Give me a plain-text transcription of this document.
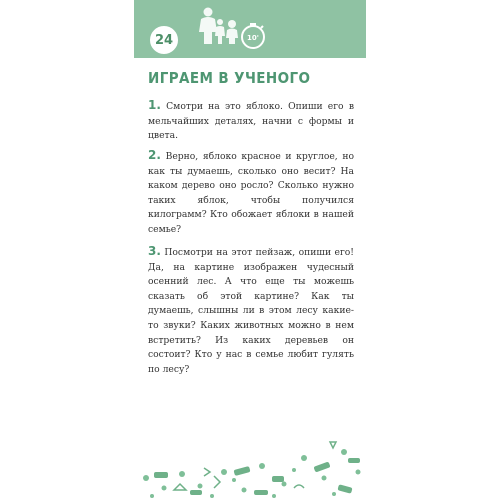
24	10'
ИГРАЕМ В УЧЕНОГО

1. Смотри на это яблоко. Опиши его в мельчайших деталях, начни с формы и цвета.

2. Верно, яблоко красное и круглое, но как ты думаешь, сколько оно весит? На каком дерево оно росло? Сколько нужно таких яблок, чтобы получился килограмм? Кто обожает яблоки в нашей семье?

3. Посмотри на этот пейзаж, опиши его! Да, на картине изображен чудесный осенний лес. А что еще ты можешь сказать об этой картине? Как ты думаешь, слышны ли в этом лесу какие-то звуки? Каких животных можно в нем встретить? Из каких деревьев он состоит? Кто у нас в семье любит гулять по лесу?
